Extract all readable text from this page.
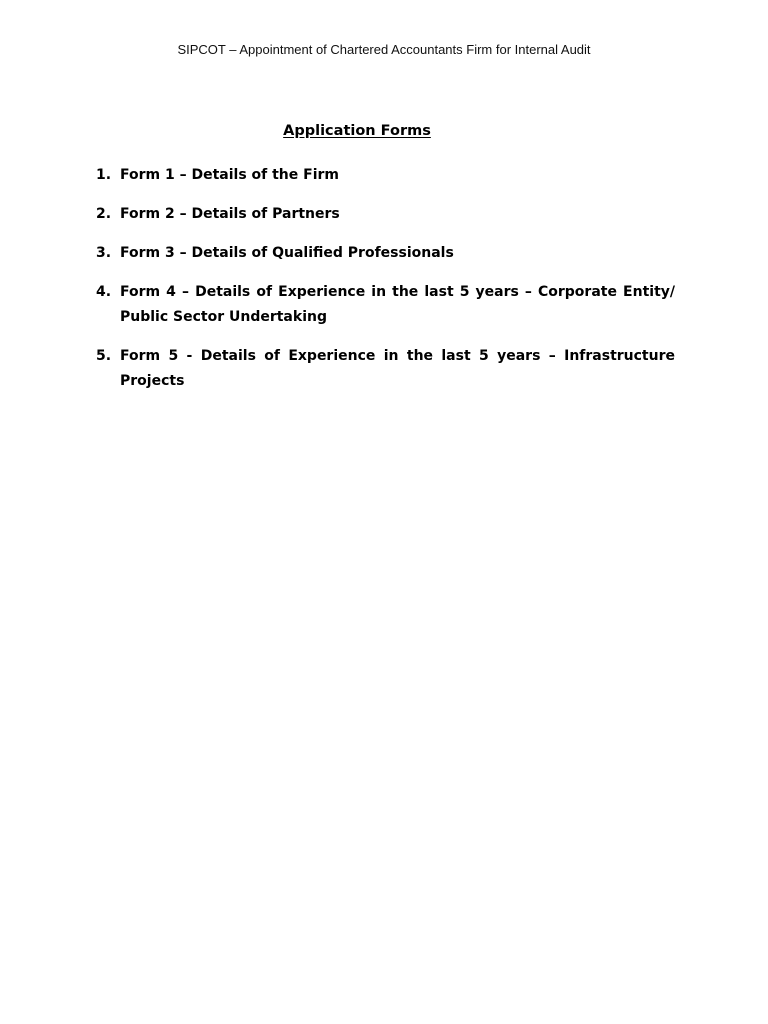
SIPCOT – Appointment of Chartered Accountants Firm for Internal Audit
Application Forms
1. Form 1 – Details of the Firm
2. Form 2 – Details of Partners
3. Form 3 – Details of Qualified Professionals
4. Form 4 – Details of Experience in the last 5 years – Corporate Entity/ Public Sector Undertaking
5. Form 5 - Details of Experience in the last 5 years – Infrastructure Projects
